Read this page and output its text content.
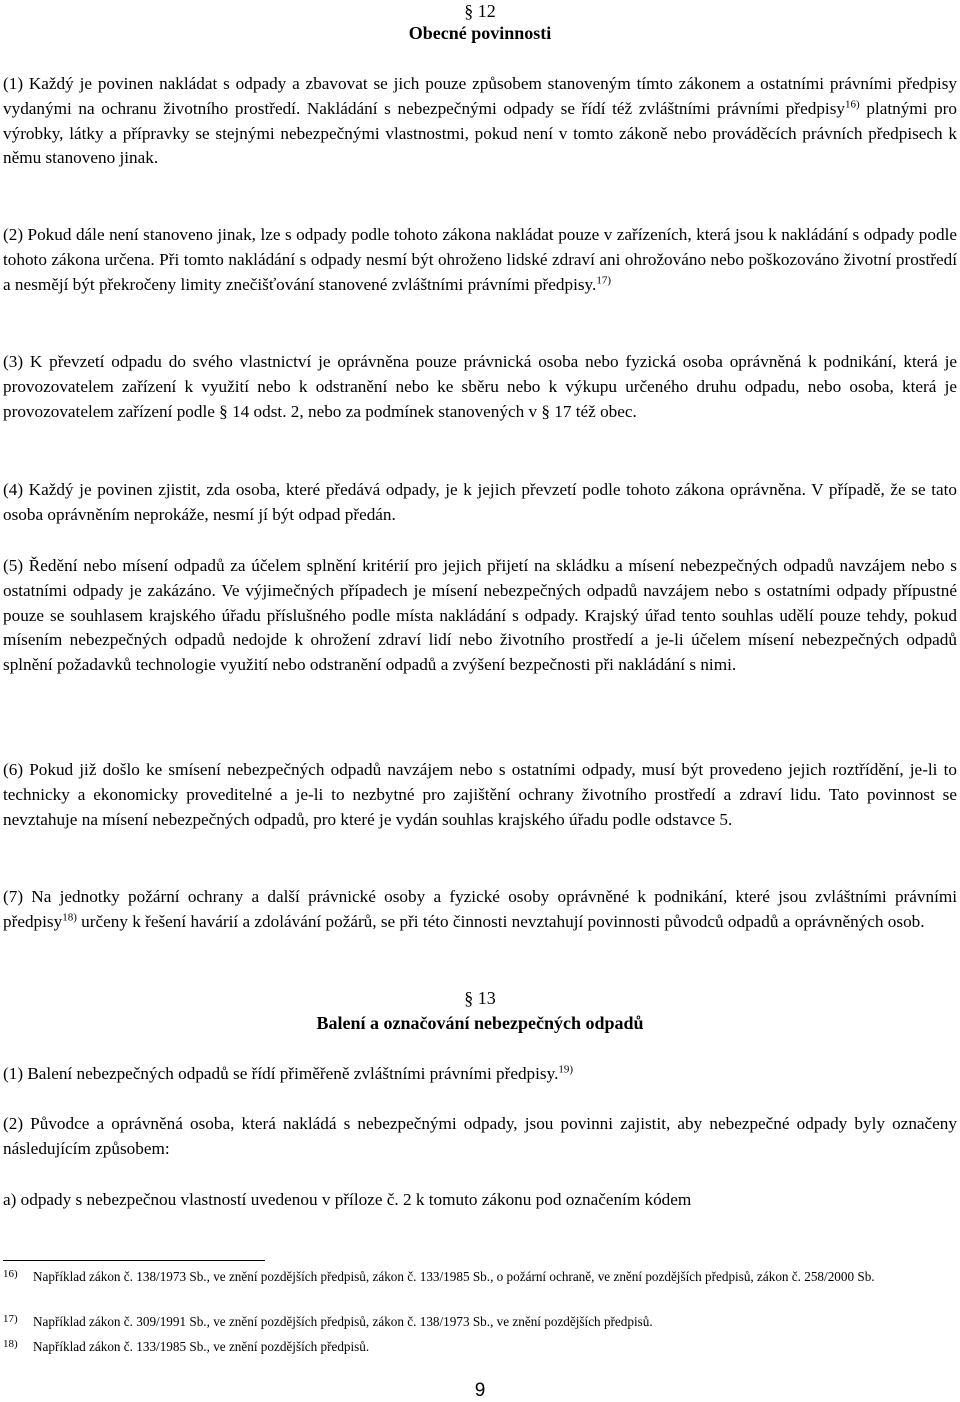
§ 12
Obecné povinnosti

(1) Každý je povinen nakládat s odpady a zbavovat se jich pouze způsobem stanoveným tímto zákonem a ostatními právními předpisy vydanými na ochranu životního prostředí. Nakládání s nebezpečnými odpady se řídí též zvláštními právními předpisy$^{16)}$ platnými pro výrobky, látky a přípravky se stejnými nebezpečnými vlastnostmi, pokud není v tomto zákoně nebo prováděcích právních předpisech k němu stanoveno jinak.

(2) Pokud dále není stanoveno jinak, lze s odpady podle tohoto zákona nakládat pouze v zařízeních, která jsou k nakládání s odpady podle tohoto zákona určena. Při tomto nakládání s odpady nesmí být ohroženo lidské zdraví ani ohrožováno nebo poškozováno životní prostředí a nesmějí být překročeny limity znečišťování stanovené zvláštními právními předpisy.$^{17)}$

(3) K převzetí odpadu do svého vlastnictví je oprávněna pouze právnická osoba nebo fyzická osoba oprávněná k podnikání, která je provozovatelem zařízení k využití nebo k odstranění nebo ke sběru nebo k výkupu určeného druhu odpadu, nebo osoba, která je provozovatelem zařízení podle § 14 odst. 2, nebo za podmínek stanovených v § 17 též obec.

(4) Každý je povinen zjistit, zda osoba, které předává odpady, je k jejich převzetí podle tohoto zákona oprávněna. V případě, že se tato osoba oprávněním neprokáže, nesmí jí být odpad předán.

(5) Ředění nebo mísení odpadů za účelem splnění kritérií pro jejich přijetí na skládku a mísení nebezpečných odpadů navzájem nebo s ostatními odpady je zakázáno. Ve výjimečných případech je mísení nebezpečných odpadů navzájem nebo s ostatními odpady přípustné pouze se souhlasem krajského úřadu příslušného podle místa nakládání s odpady. Krajský úřad tento souhlas udělí pouze tehdy, pokud mísením nebezpečných odpadů nedojde k ohrožení zdraví lidí nebo životního prostředí a je-li účelem mísení nebezpečných odpadů splnění požadavků technologie využití nebo odstranění odpadů a zvýšení bezpečnosti při nakládání s nimi.

(6) Pokud již došlo ke smísení nebezpečných odpadů navzájem nebo s ostatními odpady, musí být provedeno jejich roztřídění, je-li to technicky a ekonomicky proveditelné a je-li to nezbytné pro zajištění ochrany životního prostředí a zdraví lidu. Tato povinnost se nevztahuje na mísení nebezpečných odpadů, pro které je vydán souhlas krajského úřadu podle odstavce 5.

(7) Na jednotky požární ochrany a další právnické osoby a fyzické osoby oprávněné k podnikání, které jsou zvláštními právními předpisy$^{18)}$ určeny k řešení havárií a zdolávání požárů, se při této činnosti nevztahují povinnosti původců odpadů a oprávněných osob.

§ 13
Balení a označování nebezpečných odpadů

(1) Balení nebezpečných odpadů se řídí přiměřeně zvláštními právními předpisy.$^{19)}$

(2) Původce a oprávněná osoba, která nakládá s nebezpečnými odpady, jsou povinni zajistit, aby nebezpečné odpady byly označeny následujícím způsobem:

a) odpady s nebezpečnou vlastností uvedenou v příloze č. 2 k tomuto zákonu pod označením kódem

16) Například zákon č. 138/1973 Sb., ve znění pozdějších předpisů, zákon č. 133/1985 Sb., o požární ochraně, ve znění pozdějších předpisů, zákon č. 258/2000 Sb.
17) Například zákon č. 309/1991 Sb., ve znění pozdějších předpisů, zákon č. 138/1973 Sb., ve znění pozdějších předpisů.
18) Například zákon č. 133/1985 Sb., ve znění pozdějších předpisů.
9
